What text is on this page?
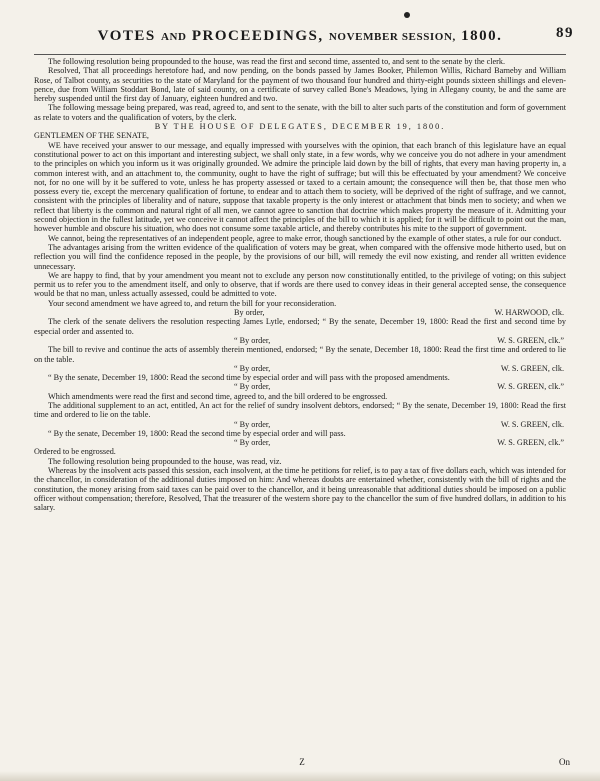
VOTES
AND
PROCEEDINGS,
NOVEMBER SESSION,
1800.	89

The following resolution being propounded to the house, was read the first and second time, assented to, and sent to the senate by the clerk.

Resolved, That all proceedings heretofore had, and now pending, on the bonds passed by James Booker, Philemon Willis, Richard Barneby and William Rose, of Talbot county, as securities to the state of Maryland for the payment of two thousand four hundred and thirty-eight pounds sixteen shillings and eleven-pence, due from William Stoddart Bond, late of said county, on a certificate of survey called Bone's Meadows, lying in Allegany county, be and the same are hereby suspended until the first day of January, eighteen hundred and two.

The following message being prepared, was read, agreed to, and sent to the senate, with the bill to alter such parts of the constitution and form of government as relate to voters and the qualification of voters, by the clerk.

BY THE HOUSE OF DELEGATES, DECEMBER 19, 1800.

GENTLEMEN OF THE SENATE,

WE have received your answer to our message, and equally impressed with yourselves with the opinion, that each branch of this legislature have an equal constitutional power to act on this important and interesting subject, we shall only state, in a few words, why we conceive you do not adhere in your amendment to the principles on which you inform us it was originally grounded. We admire the principle laid down by the bill of rights, that every man having property in, a common interest with, and an attachment to, the community, ought to have the right of suffrage; but will this be effectuated by your amendment? We conceive not, for no one will by it be suffered to vote, unless he has property assessed or taxed to a certain amount; the consequence will then be, that those men who possess every tie, except the mercenary qualification of fortune, to endear and to attach them to society, will be deprived of the right of suffrage, and we cannot, consistent with the principles of liberality and of nature, suppose that taxable property is the only interest or attachment that binds men to society; and when we reflect that liberty is the common and natural right of all men, we cannot agree to sanction that doctrine which makes property the measure of it. Admitting your second objection in the fullest latitude, yet we conceive it cannot affect the principles of the bill to which it is applied; for it will be difficult to point out the man, however humble and obscure his situation, who does not consume some taxable article, and thereby contributes his mite to the support of government.

We cannot, being the representatives of an independent people, agree to make error, though sanctioned by the example of other states, a rule for our conduct.

The advantages arising from the written evidence of the qualification of voters may be great, when compared with the offensive mode hitherto used, but on reflection you will find the confidence reposed in the people, by the provisions of our bill, will remedy the evil now existing, and render all written evidence unnecessary.

We are happy to find, that by your amendment you meant not to exclude any person now constitutionally entitled, to the privilege of voting; on this subject permit us to refer you to the amendment itself, and only to observe, that if words are there used to convey ideas in their general accepted sense, the consequence would be that no man, unless actually assessed, could be admitted to vote.

Your second amendment we have agreed to, and return the bill for your reconsideration.

By order,	W. HARWOOD, clk.

The clerk of the senate delivers the resolution respecting James Lytle, endorsed; “ By the senate, December 19, 1800: Read the first and second time by especial order and assented to.

“ By order,	W. S. GREEN, clk.”

The bill to revive and continue the acts of assembly therein mentioned, endorsed; “ By the senate, December 18, 1800: Read the first time and ordered to lie on the table.

“ By order,	W. S. GREEN, clk.

“ By the senate, December 19, 1800: Read the second time by especial order and will pass with the proposed amendments.

“ By order,	W. S. GREEN, clk.”

Which amendments were read the first and second time, agreed to, and the bill ordered to be engrossed.

The additional supplement to an act, entitled, An act for the relief of sundry insolvent debtors, endorsed; “ By the senate, December 19, 1800: Read the first time and ordered to lie on the table.

“ By order,	W. S. GREEN, clk.

“ By the senate, December 19, 1800: Read the second time by especial order and will pass.

“ By order,	W. S. GREEN, clk.”

Ordered to be engrossed.

The following resolution being propounded to the house, was read, viz.

Whereas by the insolvent acts passed this session, each insolvent, at the time he petitions for relief, is to pay a tax of five dollars each, which was intended for the chancellor, in consideration of the additional duties imposed on him: And whereas doubts are entertained whether, consistently with the bill of rights and the constitution, the money arising from said taxes can be paid over to the chancellor, and it being unreasonable that additional duties should be imposed on a public officer without compensation; therefore, Resolved, That the treasurer of the western shore pay to the chancellor the sum of five hundred dollars, in addition to his salary.

Z	On
